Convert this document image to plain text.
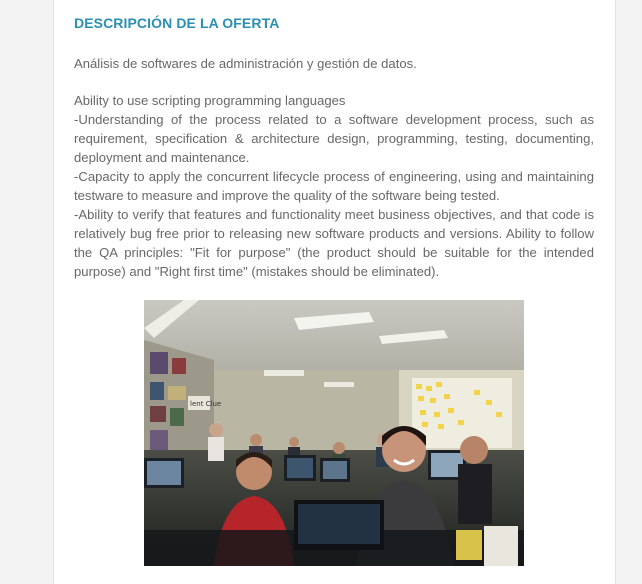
DESCRIPCIÓN DE LA OFERTA

Análisis de softwares de administración y gestión de datos.

Ability to use scripting programming languages
-Understanding of the process related to a software development process, such as requirement, specification & architecture design, programming, testing, documenting, deployment and maintenance.
-Capacity to apply the concurrent lifecycle process of engineering, using and maintaining testware to measure and improve the quality of the software being tested.
-Ability to verify that features and functionality meet business objectives, and that code is relatively bug free prior to releasing new software products and versions. Ability to follow the QA principles: "Fit for purpose" (the product should be suitable for the intended purpose) and "Right first time" (mistakes should be eliminated).
lent Clue
